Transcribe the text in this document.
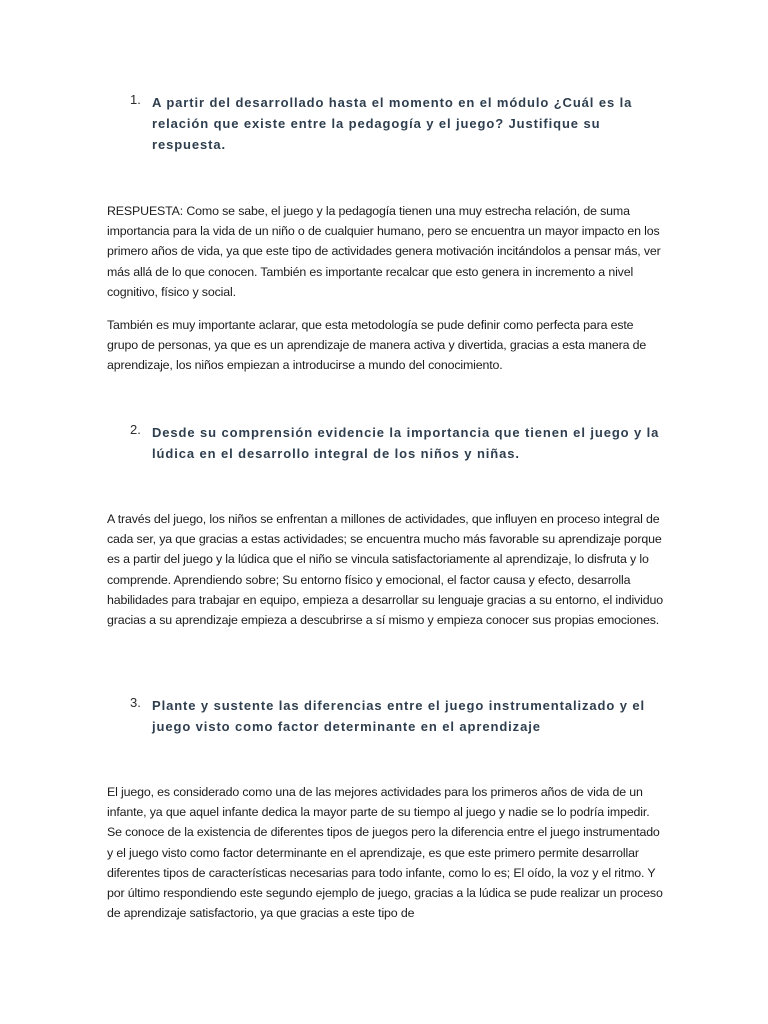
1. A partir del desarrollado hasta el momento en el módulo ¿Cuál es la relación que existe entre la pedagogía y el juego? Justifique su respuesta.

RESPUESTA: Como se sabe, el juego y la pedagogía tienen una muy estrecha relación, de suma importancia para la vida de un niño o de cualquier humano, pero se encuentra un mayor impacto en los primero años de vida, ya que este tipo de actividades genera motivación incitándolos a pensar más, ver más allá de lo que conocen. También es importante recalcar que esto genera in incremento a nivel cognitivo, físico y social.

También es muy importante aclarar, que esta metodología se pude definir como perfecta para este grupo de personas, ya que es un aprendizaje de manera activa y divertida, gracias a esta manera de aprendizaje, los niños empiezan a introducirse a mundo del conocimiento.

2. Desde su comprensión evidencie la importancia que tienen el juego y la lúdica en el desarrollo integral de los niños y niñas.

A través del juego, los niños se enfrentan a millones de actividades, que influyen en proceso integral de cada ser, ya que gracias a estas actividades; se encuentra mucho más favorable su aprendizaje porque es a partir del juego y la lúdica que el niño se vincula satisfactoriamente al aprendizaje, lo disfruta y lo comprende. Aprendiendo sobre; Su entorno físico y emocional, el factor causa y efecto, desarrolla habilidades para trabajar en equipo, empieza a desarrollar su lenguaje gracias a su entorno, el individuo gracias a su aprendizaje empieza a descubrirse a sí mismo y empieza conocer sus propias emociones.

3. Plante y sustente las diferencias entre el juego instrumentalizado y el juego visto como factor determinante en el aprendizaje

El juego, es considerado como una de las mejores actividades para los primeros años de vida de un infante, ya que aquel infante dedica la mayor parte de su tiempo al juego y nadie se lo podría impedir. Se conoce de la existencia de diferentes tipos de juegos pero la diferencia entre el juego instrumentado y el juego visto como factor determinante en el aprendizaje, es que este primero permite desarrollar diferentes tipos de características necesarias para todo infante, como lo es; El oído, la voz y el ritmo. Y por último respondiendo este segundo ejemplo de juego, gracias a la lúdica se pude realizar un proceso de aprendizaje satisfactorio, ya que gracias a este tipo de
